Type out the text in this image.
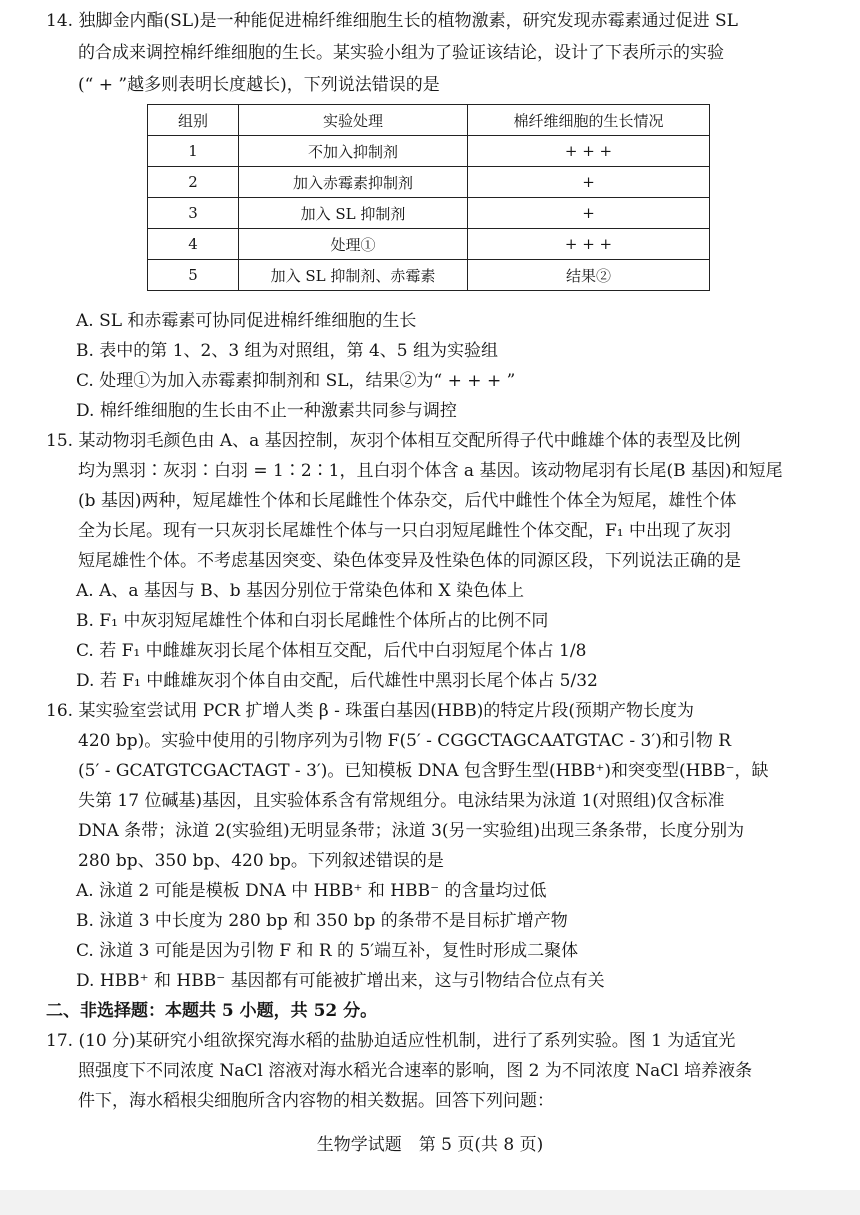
14. 独脚金内酯(SL)是一种能促进棉纤维细胞生长的植物激素，研究发现赤霉素通过促进 SL
的合成来调控棉纤维细胞的生长。某实验小组为了验证该结论，设计了下表所示的实验
(“ + ”越多则表明长度越长)，下列说法错误的是
组别	实验处理	棉纤维细胞的生长情况
1	不加入抑制剂	+ + +
2	加入赤霉素抑制剂	+
3	加入 SL 抑制剂	+
4	处理①	+ + +
5	加入 SL 抑制剂、赤霉素	结果②
A. SL 和赤霉素可协同促进棉纤维细胞的生长
B. 表中的第 1、2、3 组为对照组，第 4、5 组为实验组
C. 处理①为加入赤霉素抑制剂和 SL，结果②为“ + + + ”
D. 棉纤维细胞的生长由不止一种激素共同参与调控
15. 某动物羽毛颜色由 A、a 基因控制，灰羽个体相互交配所得子代中雌雄个体的表型及比例
均为黑羽∶灰羽∶白羽 = 1∶2∶1，且白羽个体含 a 基因。该动物尾羽有长尾(B 基因)和短尾
(b 基因)两种，短尾雄性个体和长尾雌性个体杂交，后代中雌性个体全为短尾，雄性个体
全为长尾。现有一只灰羽长尾雄性个体与一只白羽短尾雌性个体交配，F₁ 中出现了灰羽
短尾雄性个体。不考虑基因突变、染色体变异及性染色体的同源区段，下列说法正确的是
A. A、a 基因与 B、b 基因分别位于常染色体和 X 染色体上
B. F₁ 中灰羽短尾雄性个体和白羽长尾雌性个体所占的比例不同
C. 若 F₁ 中雌雄灰羽长尾个体相互交配，后代中白羽短尾个体占 1/8
D. 若 F₁ 中雌雄灰羽个体自由交配，后代雄性中黑羽长尾个体占 5/32
16. 某实验室尝试用 PCR 扩增人类 β - 珠蛋白基因(HBB)的特定片段(预期产物长度为
420 bp)。实验中使用的引物序列为引物 F(5′ - CGGCTAGCAATGTAC - 3′)和引物 R
(5′ - GCATGTCGACTAGT - 3′)。已知模板 DNA 包含野生型(HBB⁺)和突变型(HBB⁻，缺
失第 17 位碱基)基因，且实验体系含有常规组分。电泳结果为泳道 1(对照组)仅含标准
DNA 条带；泳道 2(实验组)无明显条带；泳道 3(另一实验组)出现三条条带，长度分别为
280 bp、350 bp、420 bp。下列叙述错误的是
A. 泳道 2 可能是模板 DNA 中 HBB⁺ 和 HBB⁻ 的含量均过低
B. 泳道 3 中长度为 280 bp 和 350 bp 的条带不是目标扩增产物
C. 泳道 3 可能是因为引物 F 和 R 的 5′端互补，复性时形成二聚体
D. HBB⁺ 和 HBB⁻ 基因都有可能被扩增出来，这与引物结合位点有关
二、非选择题：本题共 5 小题，共 52 分。
17. (10 分)某研究小组欲探究海水稻的盐胁迫适应性机制，进行了系列实验。图 1 为适宜光
照强度下不同浓度 NaCl 溶液对海水稻光合速率的影响，图 2 为不同浓度 NaCl 培养液条
件下，海水稻根尖细胞所含内容物的相关数据。回答下列问题：
生物学试题　第 5 页(共 8 页)
